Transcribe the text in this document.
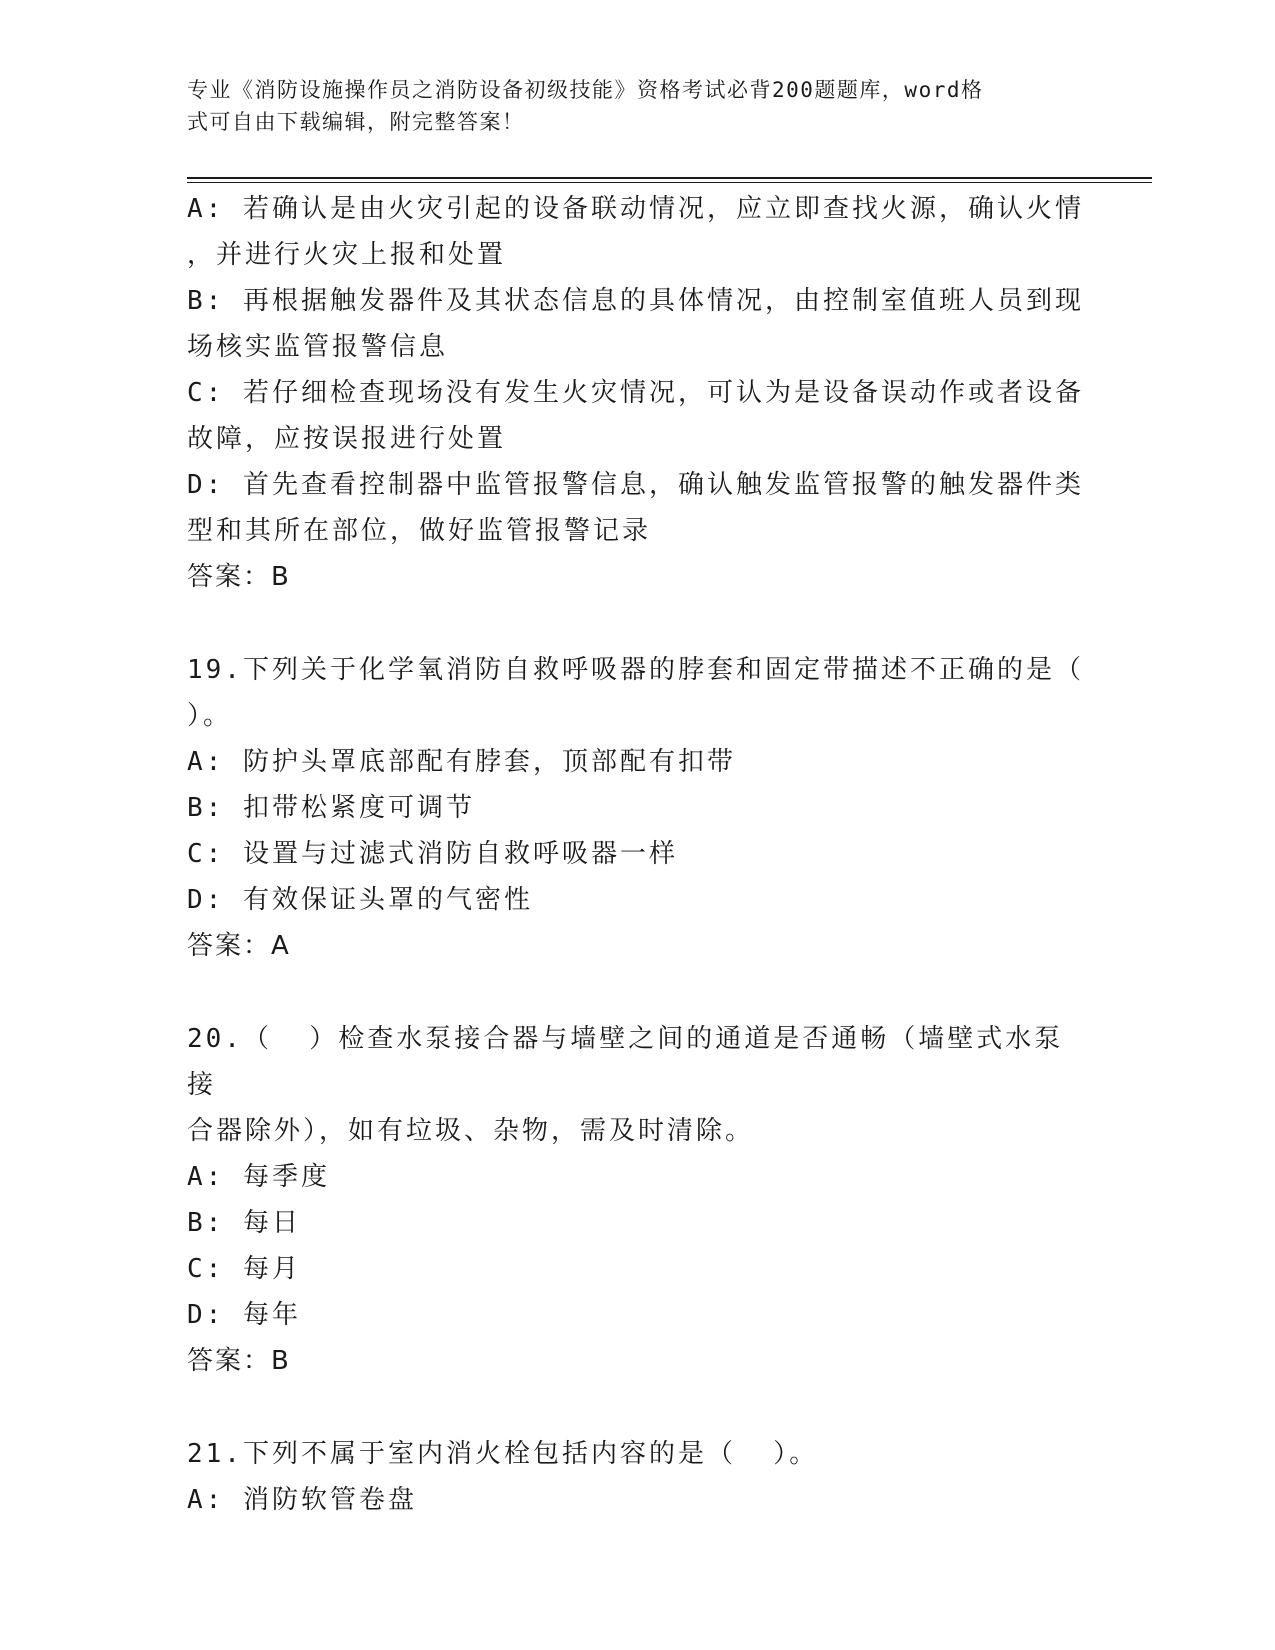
专业《消防设施操作员之消防设备初级技能》资格考试必背200题题库，word格
式可自由下载编辑，附完整答案！
A: 若确认是由火灾引起的设备联动情况，应立即查找火源，确认火情
，并进行火灾上报和处置
B: 再根据触发器件及其状态信息的具体情况，由控制室值班人员到现
场核实监管报警信息
C: 若仔细检查现场没有发生火灾情况，可认为是设备误动作或者设备
故障，应按误报进行处置
D: 首先查看控制器中监管报警信息，确认触发监管报警的触发器件类
型和其所在部位，做好监管报警记录
答案：B
19.下列关于化学氧消防自救呼吸器的脖套和固定带描述不正确的是（
）。
A: 防护头罩底部配有脖套，顶部配有扣带
B: 扣带松紧度可调节
C: 设置与过滤式消防自救呼吸器一样
D: 有效保证头罩的气密性
答案：A
20.（  ）检查水泵接合器与墙壁之间的通道是否通畅（墙壁式水泵接
合器除外），如有垃圾、杂物，需及时清除。
A: 每季度
B: 每日
C: 每月
D: 每年
答案：B
21.下列不属于室内消火栓包括内容的是（  ）。
A: 消防软管卷盘
